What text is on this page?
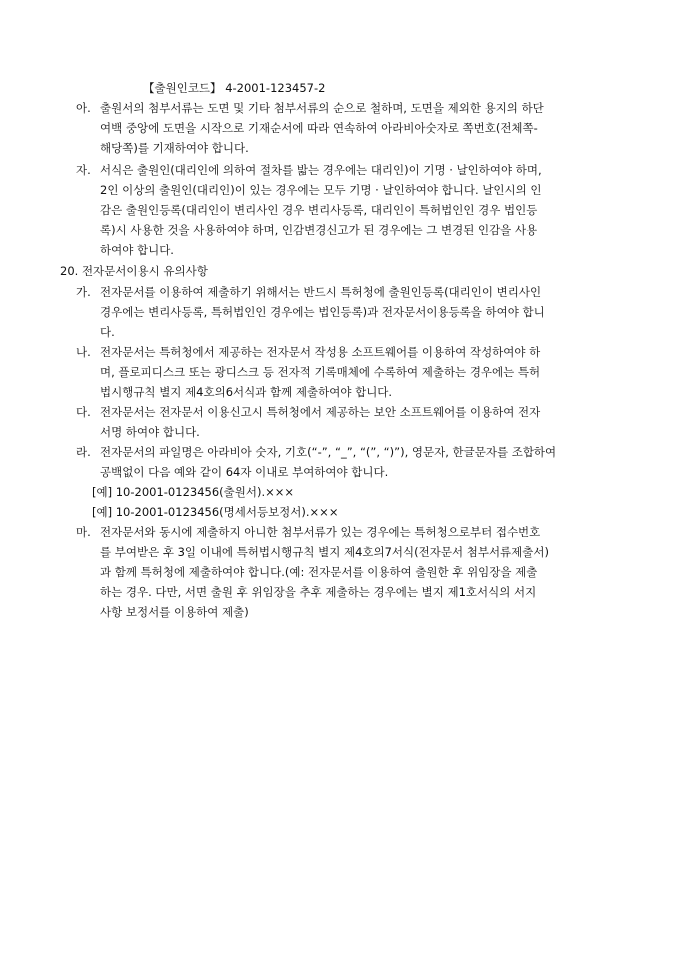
【출원인코드】 4-2001-123457-2
아. 출원서의 첨부서류는 도면 및 기타 첨부서류의 순으로 철하며, 도면을 제외한 용지의 하단
여백 중앙에 도면을 시작으로 기재순서에 따라 연속하여 아라비아숫자로 쪽번호(전체쪽-
해당쪽)를 기재하여야 합니다.
자. 서식은 출원인(대리인에 의하여 절차를 밟는 경우에는 대리인)이 기명 · 날인하여야 하며,
2인 이상의 출원인(대리인)이 있는 경우에는 모두 기명 · 날인하여야 합니다. 날인시의 인
감은 출원인등록(대리인이 변리사인 경우 변리사등록, 대리인이 특허법인인 경우 법인등
록)시 사용한 것을 사용하여야 하며, 인감변경신고가 된 경우에는 그 변경된 인감을 사용
하여야 합니다.
20. 전자문서이용시 유의사항
가. 전자문서를 이용하여 제출하기 위해서는 반드시 특허청에 출원인등록(대리인이 변리사인
경우에는 변리사등록, 특허법인인 경우에는 법인등록)과 전자문서이용등록을 하여야 합니
다.
나. 전자문서는 특허청에서 제공하는 전자문서 작성용 소프트웨어를 이용하여 작성하여야 하
며, 플로피디스크 또는 광디스크 등 전자적 기록매체에 수록하여 제출하는 경우에는 특허
법시행규칙 별지 제4호의6서식과 함께 제출하여야 합니다.
다. 전자문서는 전자문서 이용신고시 특허청에서 제공하는 보안 소프트웨어를 이용하여 전자
서명 하여야 합니다.
라. 전자문서의 파일명은 아라비아 숫자, 기호(“-”, “_”, “(”, “)”), 영문자, 한글문자를 조합하여
공백없이 다음 예와 같이 64자 이내로 부여하여야 합니다.
[예] 10-2001-0123456(출원서).×××
[예] 10-2001-0123456(명세서등보정서).×××
마. 전자문서와 동시에 제출하지 아니한 첨부서류가 있는 경우에는 특허청으로부터 접수번호
를 부여받은 후 3일 이내에 특허법시행규칙 별지 제4호의7서식(전자문서 첨부서류제출서)
과 함께 특허청에 제출하여야 합니다.(예: 전자문서를 이용하여 출원한 후 위임장을 제출
하는 경우. 다만, 서면 출원 후 위임장을 추후 제출하는 경우에는 별지 제1호서식의 서지
사항 보정서를 이용하여 제출)
